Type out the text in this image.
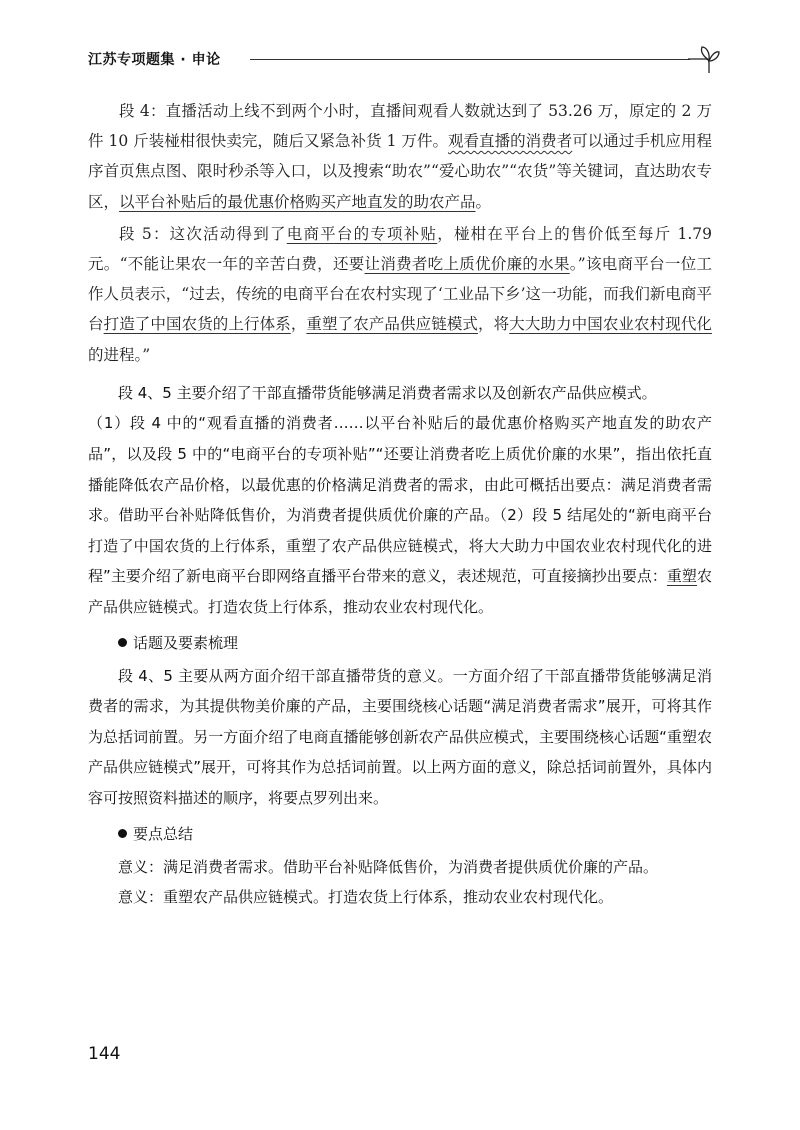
江苏专项题集 · 申论

段 4：直播活动上线不到两个小时，直播间观看人数就达到了 53.26 万，原定的 2 万件 10 斤装椪柑很快卖完，随后又紧急补货 1 万件。观看直播的消费者可以通过手机应用程序首页焦点图、限时秒杀等入口，以及搜索“助农”“爱心助农”“农货”等关键词，直达助农专区，以平台补贴后的最优惠价格购买产地直发的助农产品。

段 5：这次活动得到了电商平台的专项补贴，椪柑在平台上的售价低至每斤 1.79 元。“不能让果农一年的辛苦白费，还要让消费者吃上质优价廉的水果。”该电商平台一位工作人员表示，“过去，传统的电商平台在农村实现了‘工业品下乡’这一功能，而我们新电商平台打造了中国农货的上行体系，重塑了农产品供应链模式，将大大助力中国农业农村现代化的进程。”

段 4、5 主要介绍了干部直播带货能够满足消费者需求以及创新农产品供应模式。

（1）段 4 中的“观看直播的消费者……以平台补贴后的最优惠价格购买产地直发的助农产品”，以及段 5 中的“电商平台的专项补贴”“还要让消费者吃上质优价廉的水果”，指出依托直播能降低农产品价格，以最优惠的价格满足消费者的需求，由此可概括出要点：满足消费者需求。借助平台补贴降低售价，为消费者提供质优价廉的产品。（2）段 5 结尾处的“新电商平台打造了中国农货的上行体系，重塑了农产品供应链模式，将大大助力中国农业农村现代化的进程”主要介绍了新电商平台即网络直播平台带来的意义，表述规范，可直接摘抄出要点：重塑农产品供应链模式。打造农货上行体系，推动农业农村现代化。

话题及要素梳理

段 4、5 主要从两方面介绍干部直播带货的意义。一方面介绍了干部直播带货能够满足消费者的需求，为其提供物美价廉的产品，主要围绕核心话题“满足消费者需求”展开，可将其作为总括词前置。另一方面介绍了电商直播能够创新农产品供应模式，主要围绕核心话题“重塑农产品供应链模式”展开，可将其作为总括词前置。以上两方面的意义，除总括词前置外，具体内容可按照资料描述的顺序，将要点罗列出来。

要点总结

意义：满足消费者需求。借助平台补贴降低售价，为消费者提供质优价廉的产品。

意义：重塑农产品供应链模式。打造农货上行体系，推动农业农村现代化。

144
